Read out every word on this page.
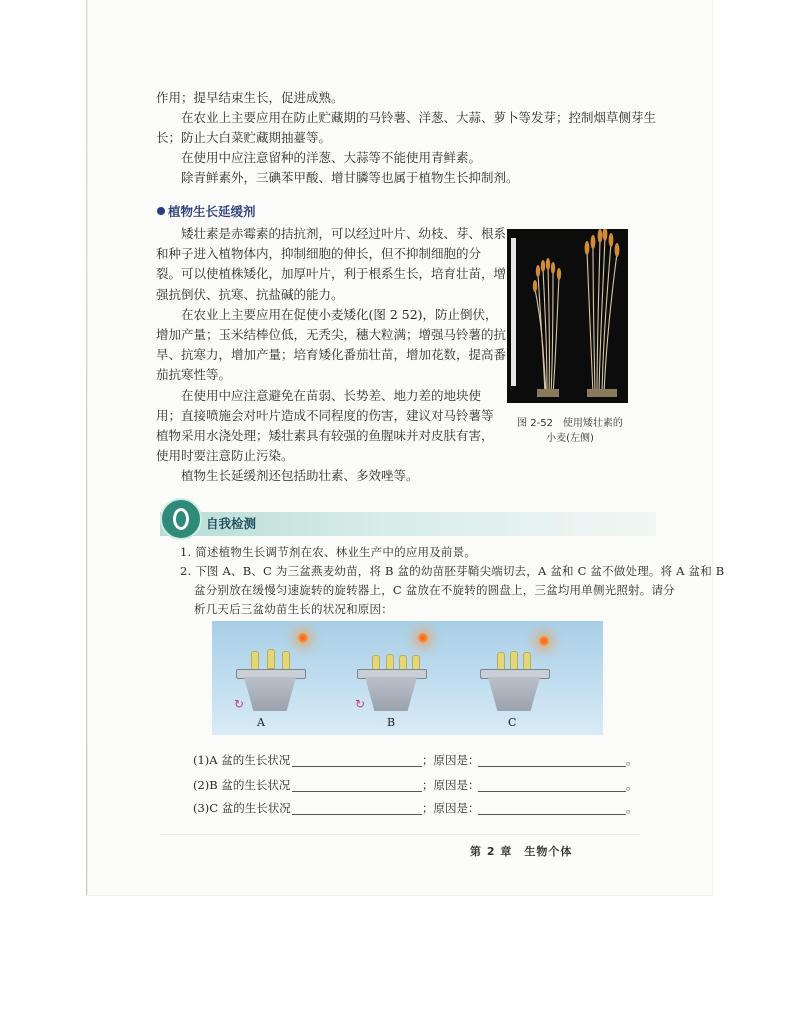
作用；提早结束生长，促进成熟。

在农业上主要应用在防止贮藏期的马铃薯、洋葱、大蒜、萝卜等发芽；控制烟草侧芽生

长；防止大白菜贮藏期抽薹等。

在使用中应注意留种的洋葱、大蒜等不能使用青鲜素。

除青鲜素外，三碘苯甲酸、增甘膦等也属于植物生长抑制剂。

植物生长延缓剂

矮壮素是赤霉素的拮抗剂，可以经过叶片、幼枝、芽、根系

和种子进入植物体内，抑制细胞的伸长，但不抑制细胞的分

裂。可以使植株矮化，加厚叶片，利于根系生长，培育壮苗，增

强抗倒伏、抗寒、抗盐碱的能力。

在农业上主要应用在促使小麦矮化(图 2 52)，防止倒伏，

增加产量；玉米结棒位低，无秃尖，穗大粒满；增强马铃薯的抗

旱、抗寒力，增加产量；培育矮化番茄壮苗，增加花数，提高番

茄抗寒性等。

在使用中应注意避免在苗弱、长势差、地力差的地块使

用；直接喷施会对叶片造成不同程度的伤害，建议对马铃薯等

植物采用水浇处理；矮壮素具有较强的鱼腥味并对皮肤有害，

使用时要注意防止污染。

植物生长延缓剂还包括助壮素、多效唑等。

图 2-52　使用矮壮素的
小麦(左侧)
自我检测
1. 简述植物生长调节剂在农、林业生产中的应用及前景。
2. 下图 A、B、C 为三盆燕麦幼苗，将 B 盆的幼苗胚芽鞘尖端切去，A 盆和 C 盆不做处理。将 A 盆和 B
盆分别放在缓慢匀速旋转的旋转器上，C 盆放在不旋转的圆盘上，三盆均用单侧光照射。请分
析几天后三盆幼苗生长的状况和原因：
↻
A
↻
B	C
(1)A 盆的生长状况	；原因是：	。
(2)B 盆的生长状况	；原因是：	。
(3)C 盆的生长状况	；原因是：	。
第 2 章　生物个体
